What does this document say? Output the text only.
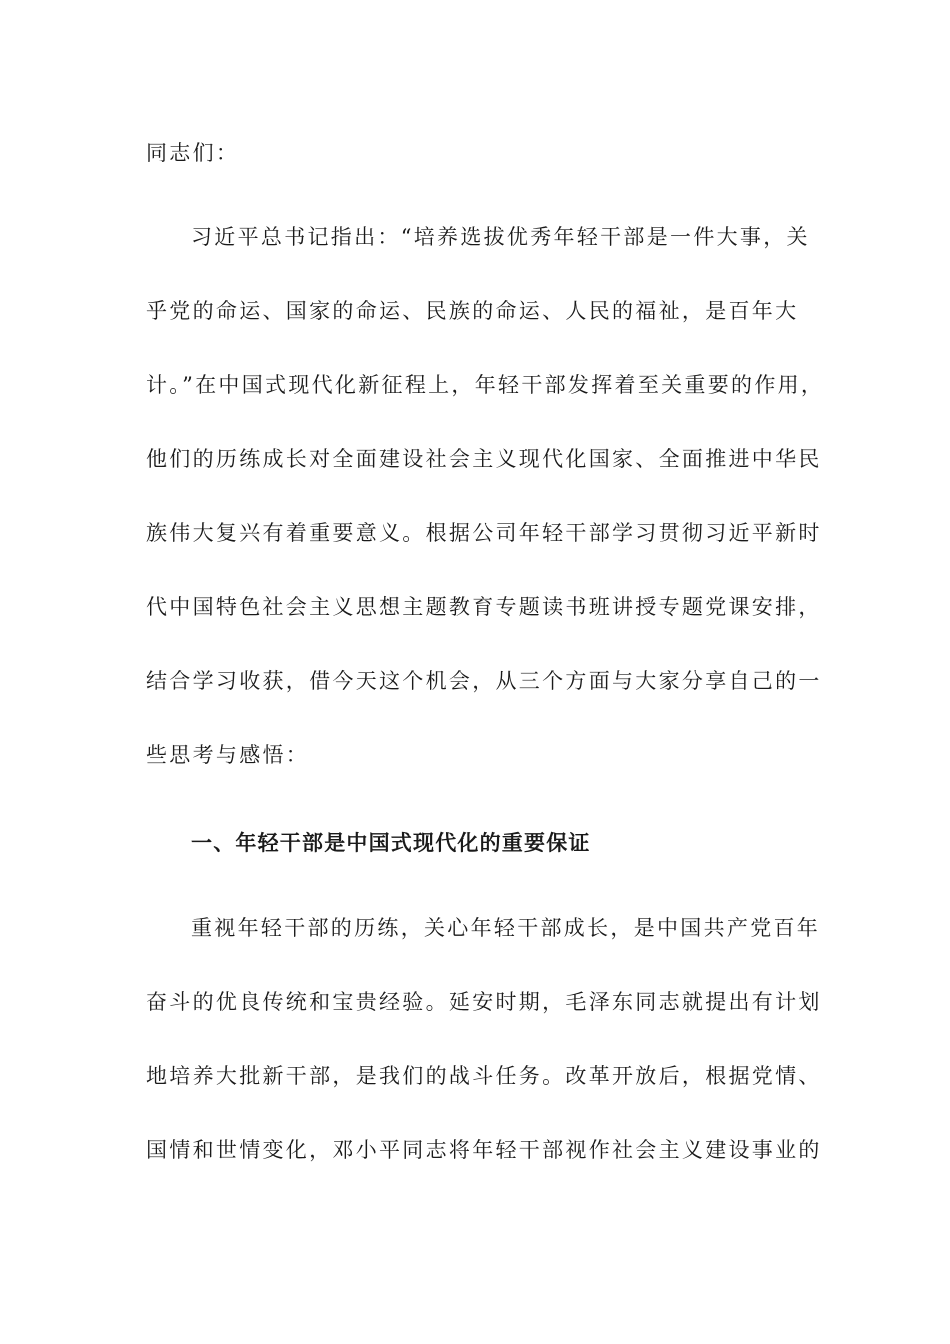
同志们：
习近平总书记指出：“培养选拔优秀年轻干部是一件大事，关
乎党的命运、国家的命运、民族的命运、人民的福祉，是百年大
计。”在中国式现代化新征程上，年轻干部发挥着至关重要的作用，
他们的历练成长对全面建设社会主义现代化国家、全面推进中华民
族伟大复兴有着重要意义。根据公司年轻干部学习贯彻习近平新时
代中国特色社会主义思想主题教育专题读书班讲授专题党课安排，
结合学习收获，借今天这个机会，从三个方面与大家分享自己的一
些思考与感悟：
一、年轻干部是中国式现代化的重要保证
重视年轻干部的历练，关心年轻干部成长，是中国共产党百年
奋斗的优良传统和宝贵经验。延安时期，毛泽东同志就提出有计划
地培养大批新干部，是我们的战斗任务。改革开放后，根据党情、
国情和世情变化，邓小平同志将年轻干部视作社会主义建设事业的
